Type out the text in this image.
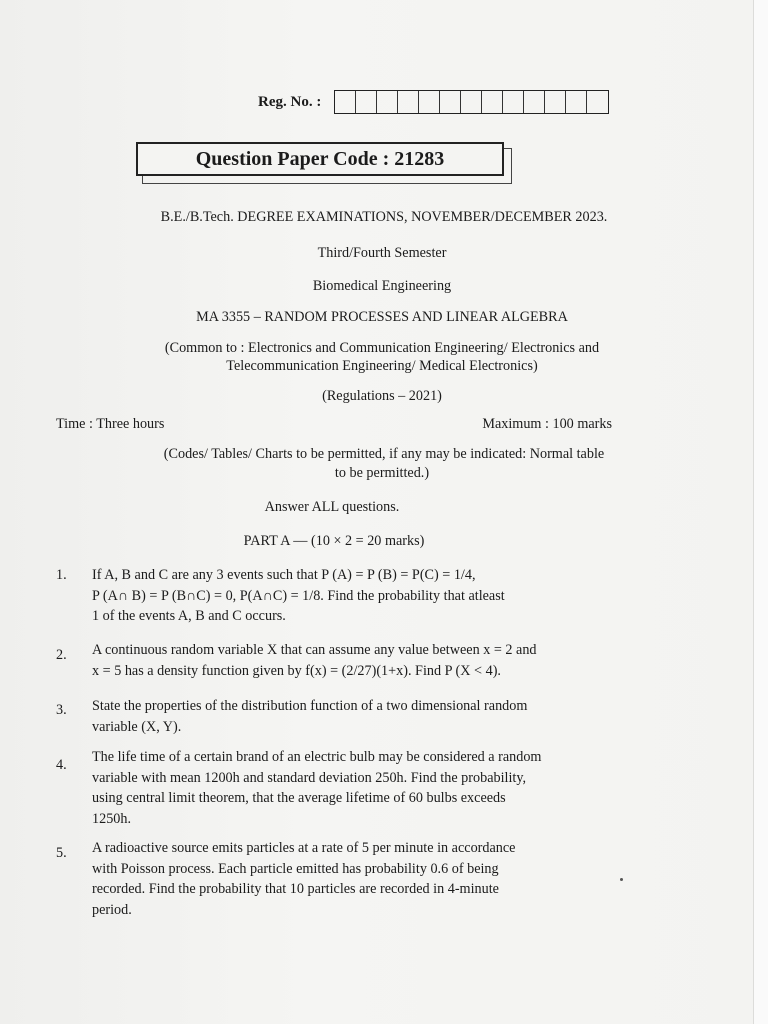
Reg. No. :
Question Paper Code : 21283
B.E./B.Tech. DEGREE EXAMINATIONS, NOVEMBER/DECEMBER 2023.
Third/Fourth Semester
Biomedical Engineering
MA 3355 – RANDOM PROCESSES AND LINEAR ALGEBRA
(Common to : Electronics and Communication Engineering/ Electronics and
Telecommunication Engineering/ Medical Electronics)
(Regulations – 2021)
Time : Three hours	Maximum : 100 marks
(Codes/ Tables/ Charts to be permitted, if any may be indicated: Normal table
to be permitted.)
Answer ALL questions.
PART A — (10 × 2 = 20 marks)
1. If A, B and C are any 3 events such that P (A) = P (B) = P(C) = 1/4,
P (A∩ B) = P (B∩C) = 0, P(A∩C) = 1/8. Find the probability that atleast
1 of the events A, B and C occurs.
2. A continuous random variable X that can assume any value between x = 2 and
x = 5 has a density function given by f(x) = (2/27)(1+x). Find P (X < 4).
3. State the properties of the distribution function of a two dimensional random
variable (X, Y).
4. The life time of a certain brand of an electric bulb may be considered a random
variable with mean 1200h and standard deviation 250h. Find the probability,
using central limit theorem, that the average lifetime of 60 bulbs exceeds
1250h.
5. A radioactive source emits particles at a rate of 5 per minute in accordance
with Poisson process. Each particle emitted has probability 0.6 of being
recorded. Find the probability that 10 particles are recorded in 4-minute
period.
